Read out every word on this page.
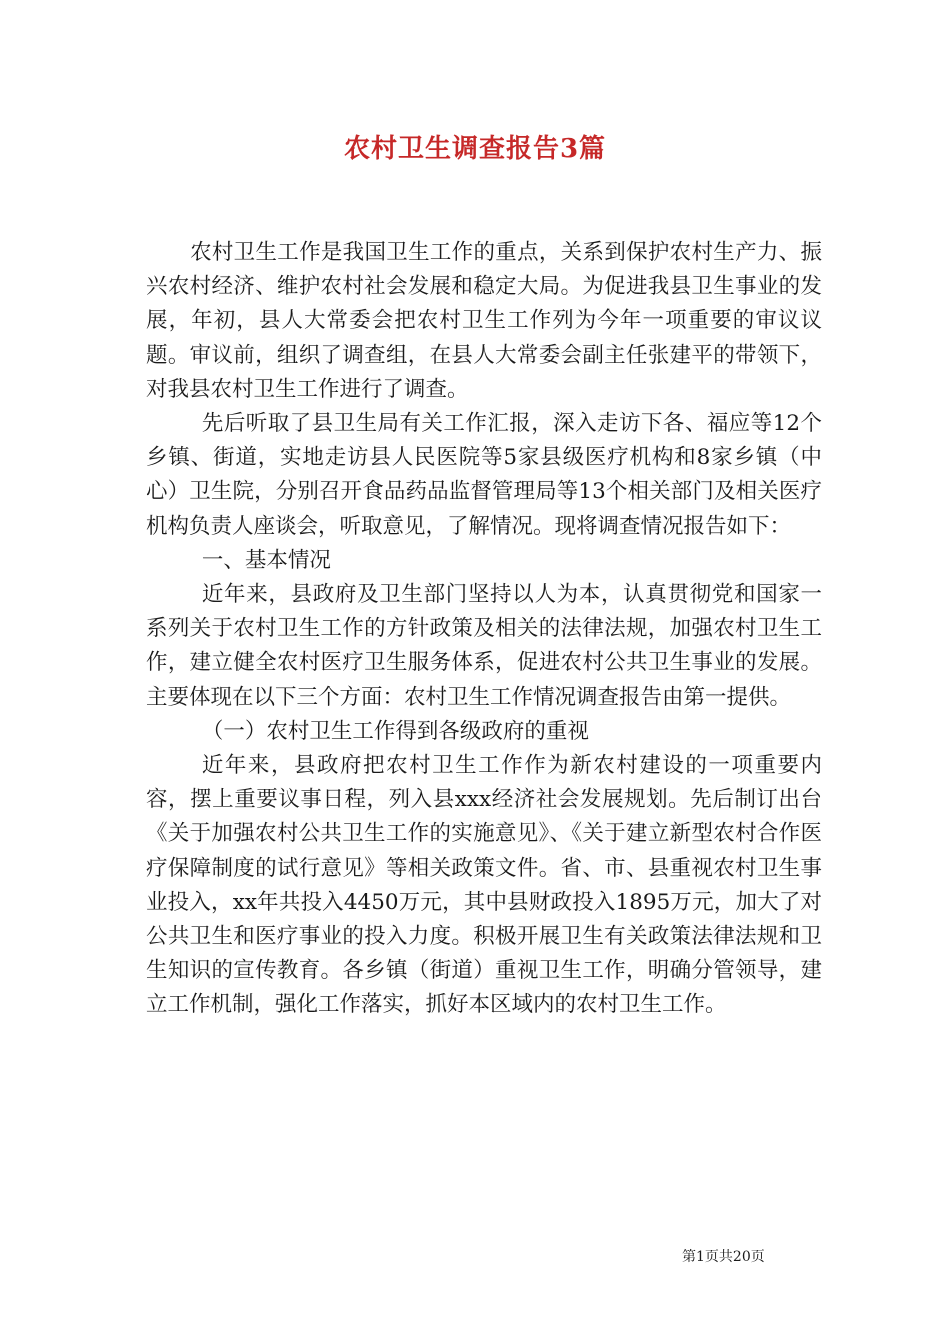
农村卫生调查报告3篇

农村卫生工作是我国卫生工作的重点，关系到保护农村生产力、振兴农村经济、维护农村社会发展和稳定大局。为促进我县卫生事业的发展，年初，县人大常委会把农村卫生工作列为今年一项重要的审议议题。审议前，组织了调查组，在县人大常委会副主任张建平的带领下，对我县农村卫生工作进行了调查。

先后听取了县卫生局有关工作汇报，深入走访下各、福应等12个乡镇、街道，实地走访县人民医院等5家县级医疗机构和8家乡镇（中心）卫生院，分别召开食品药品监督管理局等13个相关部门及相关医疗机构负责人座谈会，听取意见，了解情况。现将调查情况报告如下：

一、基本情况

近年来，县政府及卫生部门坚持以人为本，认真贯彻党和国家一系列关于农村卫生工作的方针政策及相关的法律法规，加强农村卫生工作，建立健全农村医疗卫生服务体系，促进农村公共卫生事业的发展。主要体现在以下三个方面：农村卫生工作情况调查报告由第一提供。

（一）农村卫生工作得到各级政府的重视

近年来，县政府把农村卫生工作作为新农村建设的一项重要内容，摆上重要议事日程，列入县xxx经济社会发展规划。先后制订出台《关于加强农村公共卫生工作的实施意见》、《关于建立新型农村合作医疗保障制度的试行意见》等相关政策文件。省、市、县重视农村卫生事业投入，xx年共投入4450万元，其中县财政投入1895万元，加大了对公共卫生和医疗事业的投入力度。积极开展卫生有关政策法律法规和卫生知识的宣传教育。各乡镇（街道）重视卫生工作，明确分管领导，建立工作机制，强化工作落实，抓好本区域内的农村卫生工作。

第1页共20页
